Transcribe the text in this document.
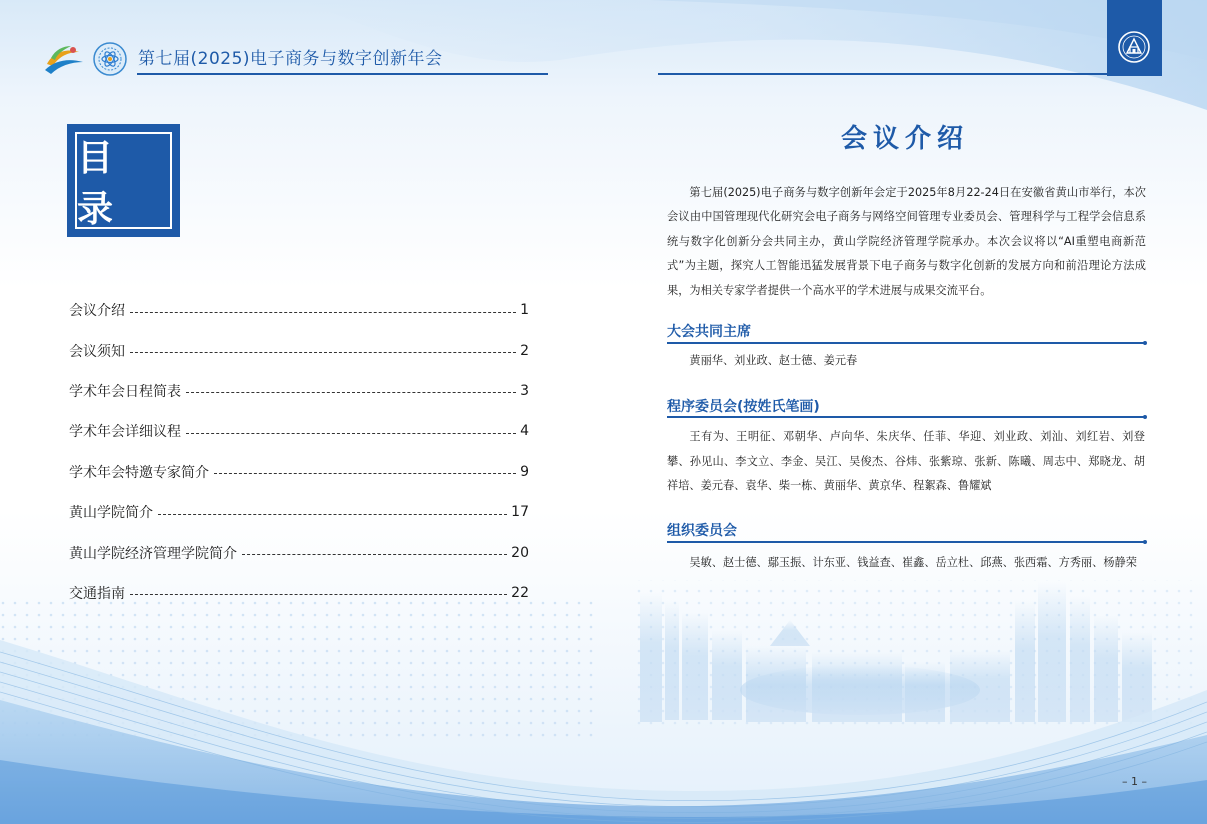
第七届(2025)电子商务与数字创新年会
目 录
会议介绍	1
会议须知	2
学术年会日程简表	3
学术年会详细议程	4
学术年会特邀专家简介	9
黄山学院简介	17
黄山学院经济管理学院简介	20
交通指南	22
会议介绍
第七届(2025)电子商务与数字创新年会定于2025年8月22-24日在安徽省黄山市举行，本次会议由中国管理现代化研究会电子商务与网络空间管理专业委员会、管理科学与工程学会信息系统与数字化创新分会共同主办，黄山学院经济管理学院承办。本次会议将以“AI重塑电商新范式”为主题，探究人工智能迅猛发展背景下电子商务与数字化创新的发展方向和前沿理论方法成果，为相关专家学者提供一个高水平的学术进展与成果交流平台。
大会共同主席
黄丽华、刘业政、赵士德、姜元春
程序委员会(按姓氏笔画)
王有为、王明征、邓朝华、卢向华、朱庆华、任菲、华迎、刘业政、刘汕、刘红岩、刘登攀、孙见山、李文立、李金、吴江、吴俊杰、谷炜、张紫琼、张新、陈曦、周志中、郑晓龙、胡祥培、姜元春、袁华、柴一栋、黄丽华、黄京华、程絮森、鲁耀斌
组织委员会
吴敏、赵士德、鄢玉振、计东亚、钱益查、崔鑫、岳立杜、邱燕、张西霜、方秀丽、杨静荣
– 1 –
